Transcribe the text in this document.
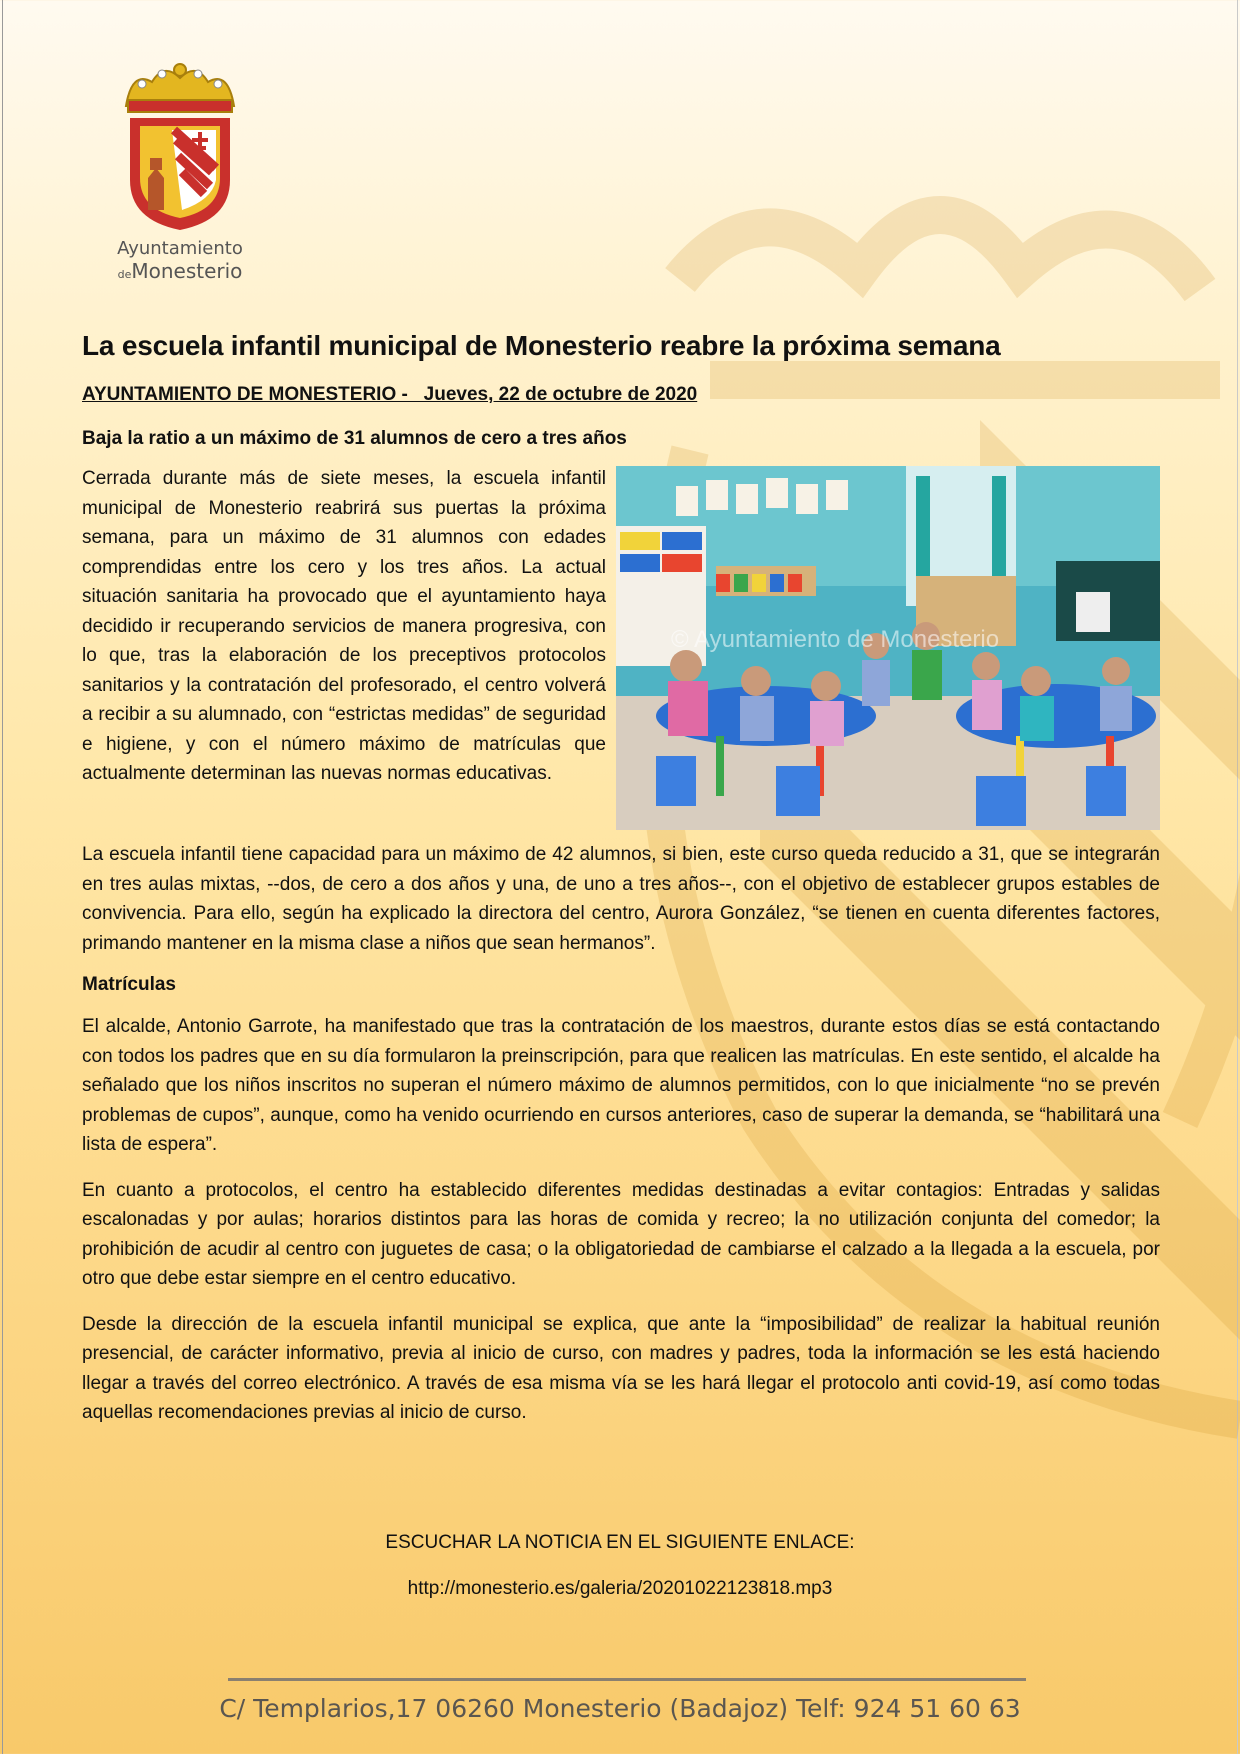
Ayuntamiento
deMonesterio
La escuela infantil municipal de Monesterio reabre la próxima semana
AYUNTAMIENTO DE MONESTERIO -   Jueves, 22 de octubre de 2020
Baja la ratio a un máximo de 31 alumnos de cero a tres años
© Ayuntamiento de Monesterio

Cerrada durante más de siete meses, la escuela infantil municipal de Monesterio reabrirá sus puertas la próxima semana, para un máximo de 31 alumnos con edades comprendidas entre los cero y los tres años. La actual situación sanitaria ha provocado que el ayuntamiento haya decidido ir recuperando servicios de manera progresiva, con lo que, tras la elaboración de los preceptivos protocolos sanitarios y la contratación del profesorado, el centro volverá a recibir a su alumnado, con “estrictas medidas” de seguridad e higiene, y con el número máximo de matrículas que actualmente determinan las nuevas normas educativas.

La escuela infantil tiene capacidad para un máximo de 42 alumnos, si bien, este curso queda reducido a 31, que se integrarán en tres aulas mixtas, --dos, de cero a dos años y una, de uno a tres años--, con el objetivo de establecer grupos estables de convivencia. Para ello, según ha explicado la directora del centro, Aurora González, “se tienen en cuenta diferentes factores, primando mantener en la misma clase a niños que sean hermanos”.

Matrículas

El alcalde, Antonio Garrote, ha manifestado que tras la contratación de los maestros, durante estos días se está contactando con todos los padres que en su día formularon la preinscripción, para que realicen las matrículas. En este sentido, el alcalde ha señalado que los niños inscritos no superan el número máximo de alumnos permitidos, con lo que inicialmente “no se prevén problemas de cupos”, aunque, como ha venido ocurriendo en cursos anteriores, caso de superar la demanda, se “habilitará una lista de espera”.

En cuanto a protocolos, el centro ha establecido diferentes medidas destinadas a evitar contagios: Entradas y salidas escalonadas y por aulas; horarios distintos para las horas de comida y recreo; la no utilización conjunta del comedor; la prohibición de acudir al centro con juguetes de casa; o la obligatoriedad de cambiarse el calzado a la llegada a la escuela, por otro que debe estar siempre en el centro educativo.

Desde la dirección de la escuela infantil municipal se explica, que ante la “imposibilidad” de realizar la habitual reunión presencial, de carácter informativo, previa al inicio de curso, con madres y padres, toda la información se les está haciendo llegar a través del correo electrónico. A través de esa misma vía se les hará llegar el protocolo anti covid-19, así como todas aquellas recomendaciones previas al inicio de curso.

ESCUCHAR LA NOTICIA EN EL SIGUIENTE ENLACE:
http://monesterio.es/galeria/20201022123818.mp3
C/ Templarios,17 06260 Monesterio (Badajoz) Telf: 924 51 60 63
